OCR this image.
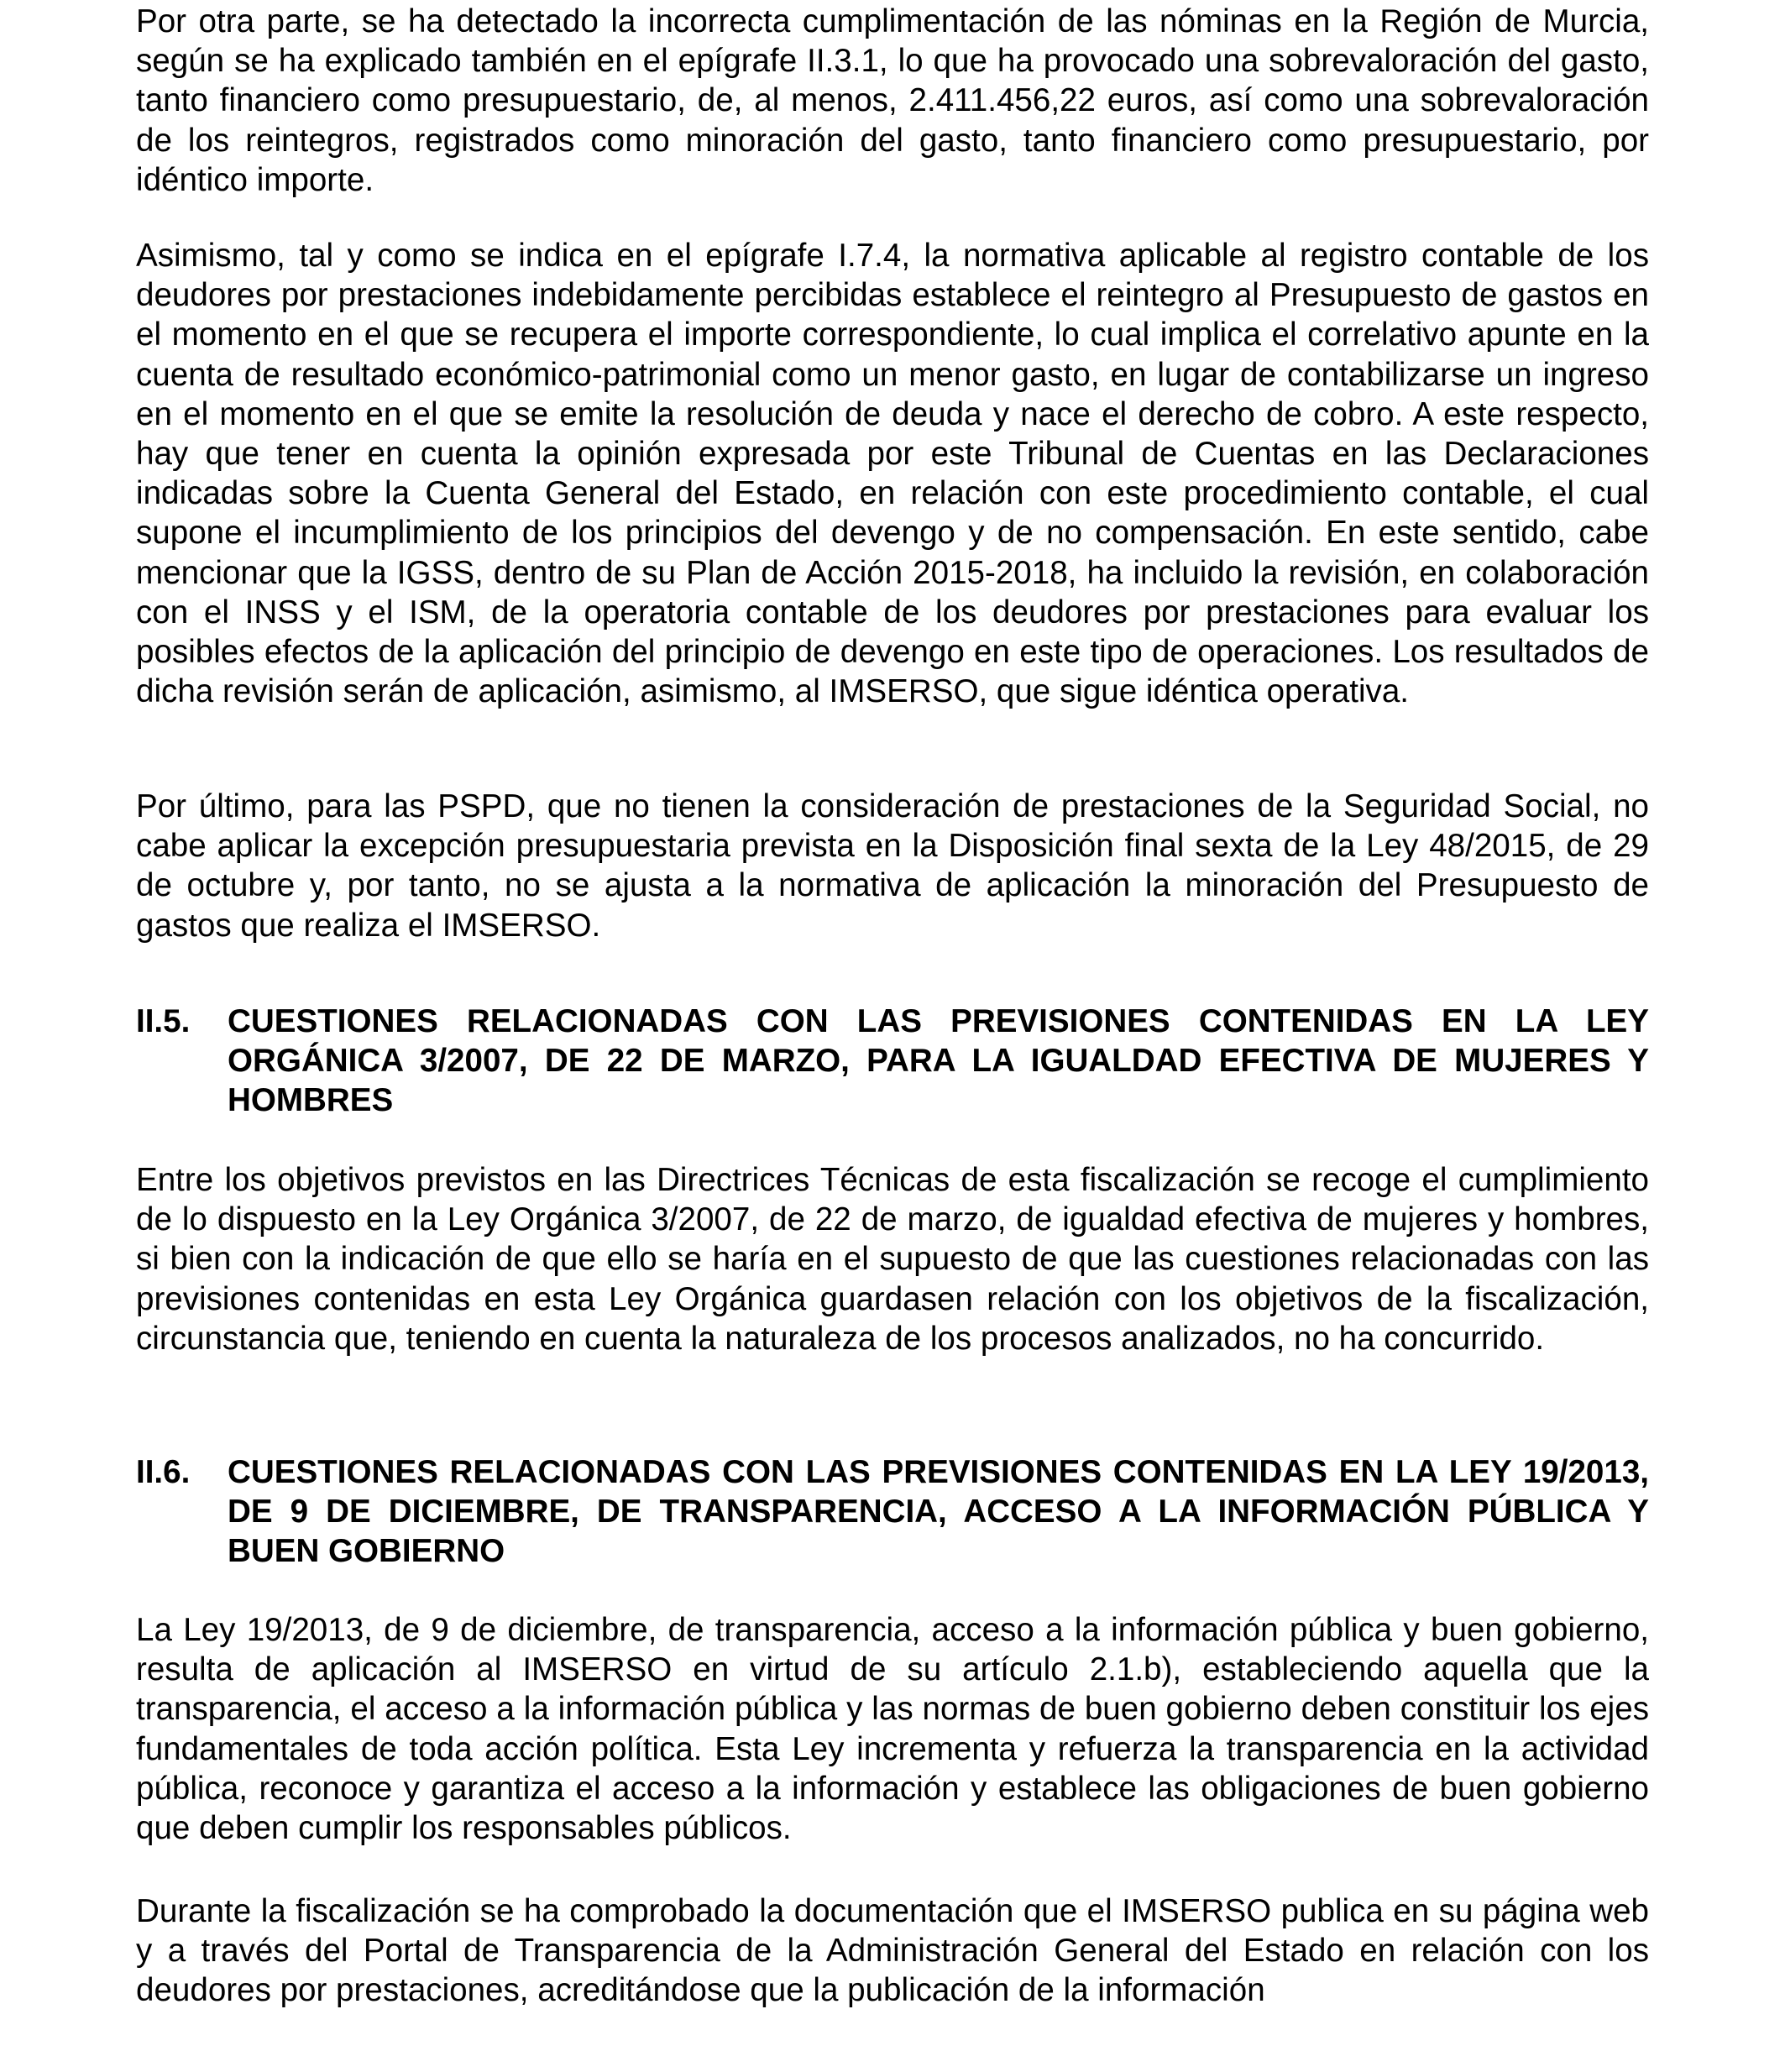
Por otra parte, se ha detectado la incorrecta cumplimentación de las nóminas en la Región de Murcia, según se ha explicado también en el epígrafe II.3.1, lo que ha provocado una sobrevaloración del gasto, tanto financiero como presupuestario, de, al menos, 2.411.456,22 euros, así como una sobrevaloración de los reintegros, registrados como minoración del gasto, tanto financiero como presupuestario, por idéntico importe.

Asimismo, tal y como se indica en el epígrafe I.7.4, la normativa aplicable al registro contable de los deudores por prestaciones indebidamente percibidas establece el reintegro al Presupuesto de gastos en el momento en el que se recupera el importe correspondiente, lo cual implica el correlativo apunte en la cuenta de resultado económico-patrimonial como un menor gasto, en lugar de contabilizarse un ingreso en el momento en el que se emite la resolución de deuda y nace el derecho de cobro. A este respecto, hay que tener en cuenta la opinión expresada por este Tribunal de Cuentas en las Declaraciones indicadas sobre la Cuenta General del Estado, en relación con este procedimiento contable, el cual supone el incumplimiento de los principios del devengo y de no compensación. En este sentido, cabe mencionar que la IGSS, dentro de su Plan de Acción 2015-2018, ha incluido la revisión, en colaboración con el INSS y el ISM, de la operatoria contable de los deudores por prestaciones para evaluar los posibles efectos de la aplicación del principio de devengo en este tipo de operaciones. Los resultados de dicha revisión serán de aplicación, asimismo, al IMSERSO, que sigue idéntica operativa.

Por último, para las PSPD, que no tienen la consideración de prestaciones de la Seguridad Social, no cabe aplicar la excepción presupuestaria prevista en la Disposición final sexta de la Ley 48/2015, de 29 de octubre y, por tanto, no se ajusta a la normativa de aplicación la minoración del Presupuesto de gastos que realiza el IMSERSO.

II.5. CUESTIONES RELACIONADAS CON LAS PREVISIONES CONTENIDAS EN LA LEY ORGÁNICA 3/2007, DE 22 DE MARZO, PARA LA IGUALDAD EFECTIVA DE MUJERES Y HOMBRES

Entre los objetivos previstos en las Directrices Técnicas de esta fiscalización se recoge el cumplimiento de lo dispuesto en la Ley Orgánica 3/2007, de 22 de marzo, de igualdad efectiva de mujeres y hombres, si bien con la indicación de que ello se haría en el supuesto de que las cuestiones relacionadas con las previsiones contenidas en esta Ley Orgánica guardasen relación con los objetivos de la fiscalización, circunstancia que, teniendo en cuenta la naturaleza de los procesos analizados, no ha concurrido.

II.6. CUESTIONES RELACIONADAS CON LAS PREVISIONES CONTENIDAS EN LA LEY 19/2013, DE 9 DE DICIEMBRE, DE TRANSPARENCIA, ACCESO A LA INFORMACIÓN PÚBLICA Y BUEN GOBIERNO

La Ley 19/2013, de 9 de diciembre, de transparencia, acceso a la información pública y buen gobierno, resulta de aplicación al IMSERSO en virtud de su artículo 2.1.b), estableciendo aquella que la transparencia, el acceso a la información pública y las normas de buen gobierno deben constituir los ejes fundamentales de toda acción política. Esta Ley incrementa y refuerza la transparencia en la actividad pública, reconoce y garantiza el acceso a la información y establece las obligaciones de buen gobierno que deben cumplir los responsables públicos.

Durante la fiscalización se ha comprobado la documentación que el IMSERSO publica en su página web y a través del Portal de Transparencia de la Administración General del Estado en relación con los deudores por prestaciones, acreditándose que la publicación de la información
